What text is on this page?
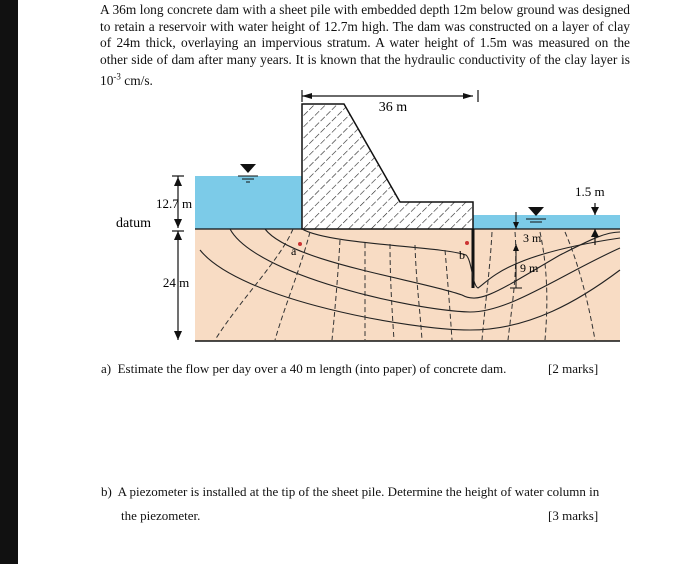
A 36m long concrete dam with a sheet pile with embedded depth 12m below ground was designed to retain a reservoir with water height of 12.7m high. The dam was constructed on a layer of clay of 24m thick, overlaying an impervious stratum. A water height of 1.5m was measured on the other side of dam after many years. It is known that the hydraulic conductivity of the clay layer is $10^{-3}$ cm/s.
36 m
12.7 m
datum
24 m
1.5 m
3 m
9 m
a	b
a) Estimate the flow per day over a 40 m length (into paper) of concrete dam.	[2 marks]
b) A piezometer is installed at the tip of the sheet pile. Determine the height of water column in
the piezometer.	[3 marks]
